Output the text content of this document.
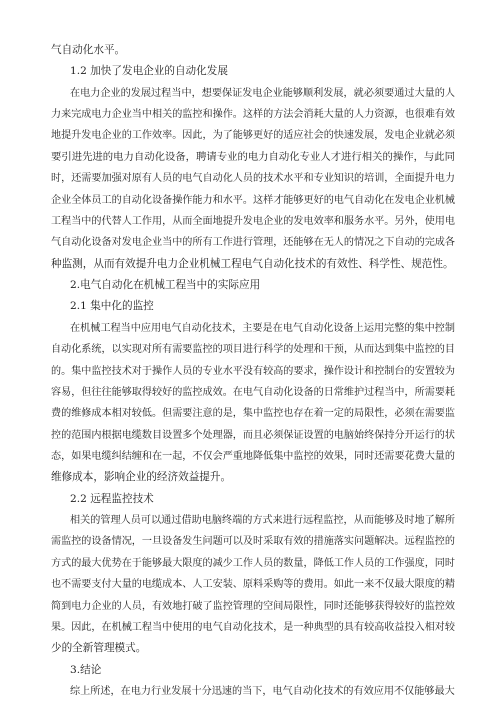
气自动化水平。
1.2 加快了发电企业的自动化发展
在电力企业的发展过程当中，想要保证发电企业能够顺利发展，就必须要通过大量的人
力来完成电力企业当中相关的监控和操作。这样的方法会消耗大量的人力资源，也很难有效
地提升发电企业的工作效率。因此，为了能够更好的适应社会的快速发展，发电企业就必须
要引进先进的电力自动化设备，聘请专业的电力自动化专业人才进行相关的操作，与此同
时，还需要加强对原有人员的电气自动化人员的技术水平和专业知识的培训，全面提升电力
企业全体员工的自动化设备操作能力和水平。这样才能够更好的电气自动化在发电企业机械
工程当中的代替人工作用，从而全面地提升发电企业的发电效率和服务水平。另外，使用电
气自动化设备对发电企业当中的所有工作进行管理，还能够在无人的情况之下自动的完成各
种监测，从而有效提升电力企业机械工程电气自动化技术的有效性、科学性、规范性。
2.电气自动化在机械工程当中的实际应用
2.1 集中化的监控
在机械工程当中应用电气自动化技术，主要是在电气自动化设备上运用完整的集中控制
自动化系统，以实现对所有需要监控的项目进行科学的处理和干预，从而达到集中监控的目
的。集中监控技术对于操作人员的专业水平没有较高的要求，操作设计和控制台的安置较为
容易，但往往能够取得较好的监控成效。在电气自动化设备的日常维护过程当中，所需要耗
费的维修成本相对较低。但需要注意的是，集中监控也存在着一定的局限性，必须在需要监
控的范围内根据电缆数目设置多个处理器，而且必须保证设置的电脑始终保持分开运行的状
态，如果电缆纠结缠和在一起，不仅会严重地降低集中监控的效果，同时还需要花费大量的
维修成本，影响企业的经济效益提升。
2.2 远程监控技术
相关的管理人员可以通过借助电脑终端的方式来进行远程监控，从而能够及时地了解所
需监控的设备情况，一旦设备发生问题可以及时采取有效的措施落实问题解决。远程监控的
方式的最大优势在于能够最大限度的减少工作人员的数量，降低工作人员的工作强度，同时
也不需要支付大量的电缆成本、人工安装、原料采购等的费用。如此一来不仅最大限度的精
简到电力企业的人员，有效地打破了监控管理的空间局限性，同时还能够获得较好的监控效
果。因此，在机械工程当中使用的电气自动化技术，是一种典型的具有较高收益投入相对较
少的全新管理模式。
3.结论
综上所述，在电力行业发展十分迅速的当下，电气自动化技术的有效应用不仅能够最大
